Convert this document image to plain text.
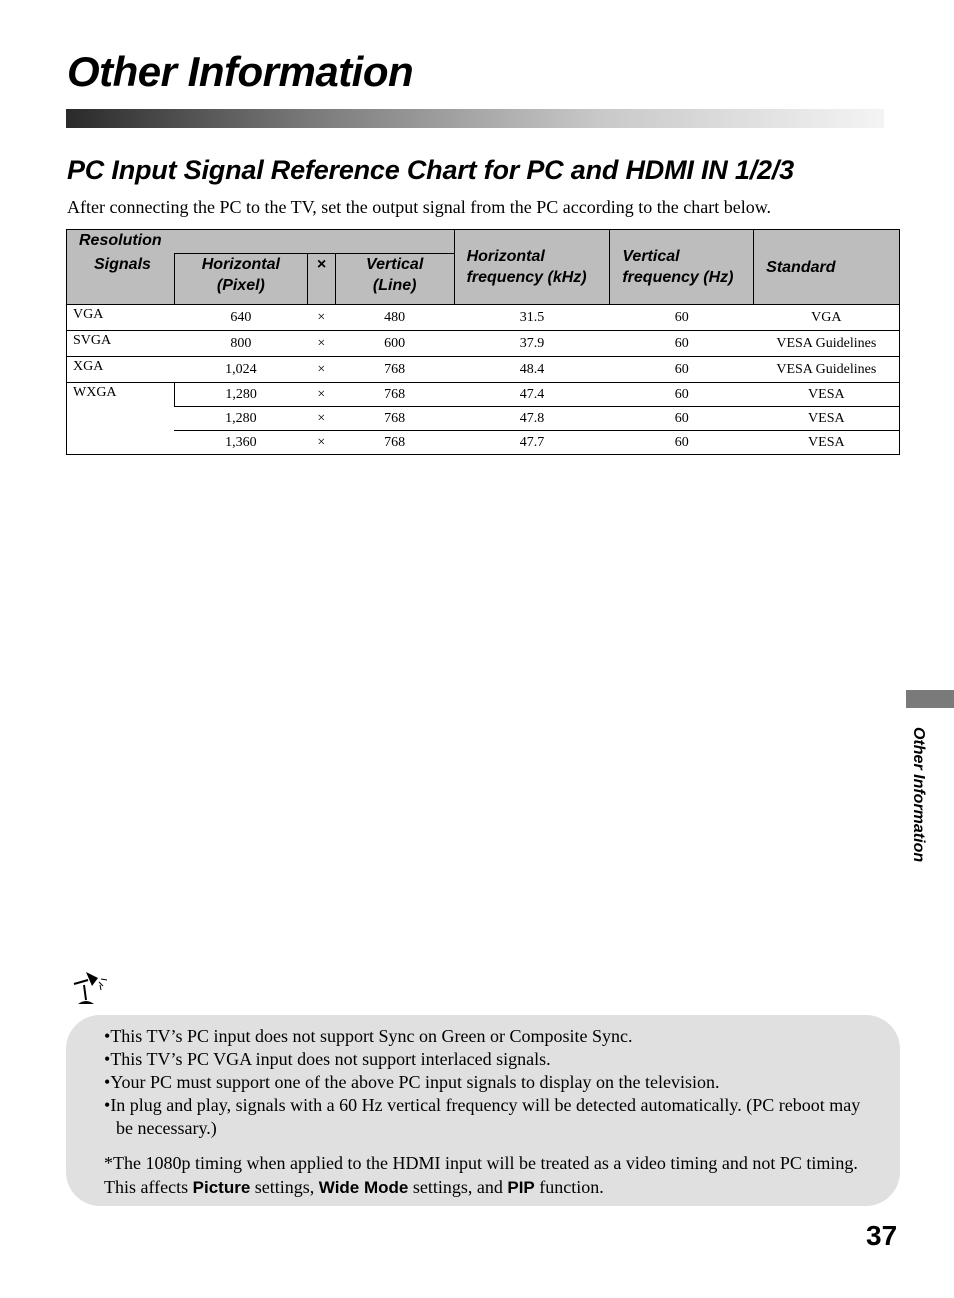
Other Information
PC Input Signal Reference Chart for PC and HDMI IN 1/2/3

After connecting the PC to the TV, set the output signal from the PC according to the chart below.

Resolution				Horizontal frequency (kHz)	Vertical frequency (Hz)	Standard
Signals	Horizontal (Pixel)	×	Vertical (Line)			
VGA	640	×	480	31.5	60	VGA
SVGA	800	×	600	37.9	60	VESA Guidelines
XGA	1,024	×	768	48.4	60	VESA Guidelines
WXGA	1,280	×	768	47.4	60	VESA
	1,280	×	768	47.8	60	VESA
	1,360	×	768	47.7	60	VESA
Other Information
• This TV’s PC input does not support Sync on Green or Composite Sync.
• This TV’s PC VGA input does not support interlaced signals.
• Your PC must support one of the above PC input signals to display on the television.
• In plug and play, signals with a 60 Hz vertical frequency will be detected automatically. (PC reboot may be necessary.)

*The 1080p timing when applied to the HDMI input will be treated as a video timing and not PC timing. This affects Picture settings, Wide Mode settings, and PIP function.

37
